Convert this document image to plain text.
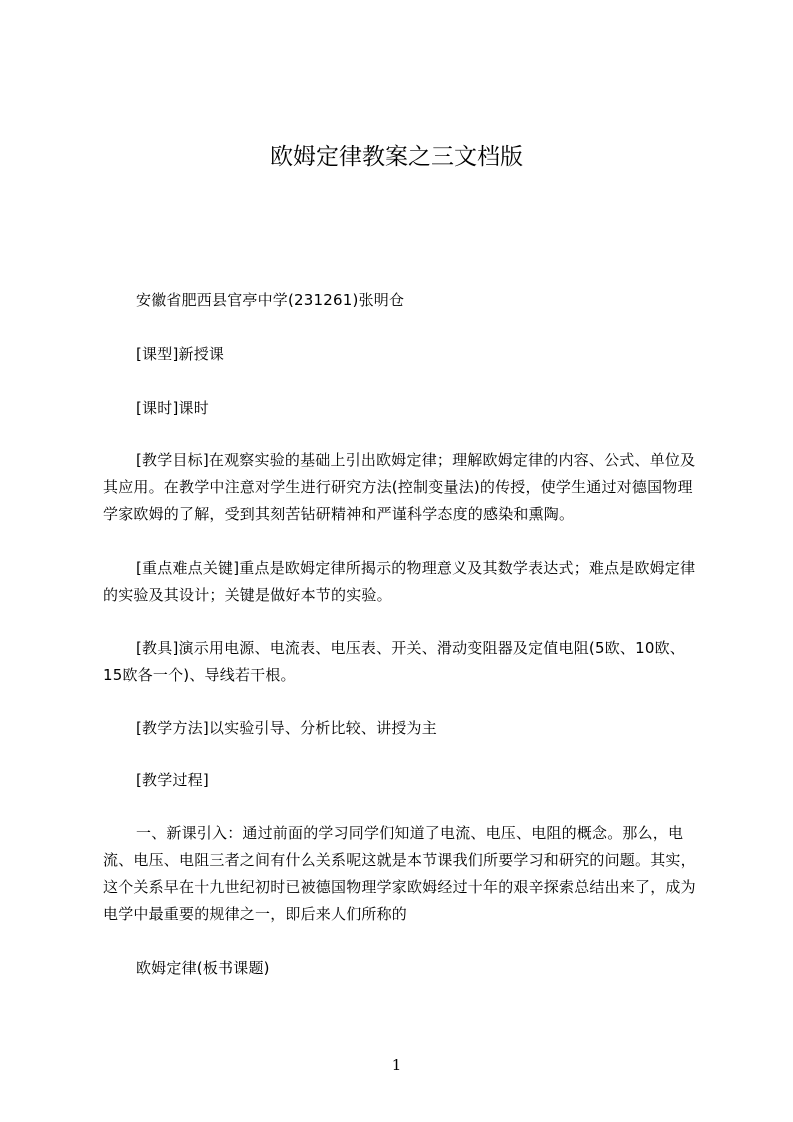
欧姆定律教案之三文档版

安徽省肥西县官亭中学(231261)张明仓

[课型]新授课

[课时]课时

[教学目标]在观察实验的基础上引出欧姆定律；理解欧姆定律的内容、公式、单位及其应用。在教学中注意对学生进行研究方法(控制变量法)的传授，使学生通过对德国物理学家欧姆的了解，受到其刻苦钻研精神和严谨科学态度的感染和熏陶。

[重点难点关键]重点是欧姆定律所揭示的物理意义及其数学表达式；难点是欧姆定律的实验及其设计；关键是做好本节的实验。

[教具]演示用电源、电流表、电压表、开关、滑动变阻器及定值电阻(5欧、10欧、15欧各一个)、导线若干根。

[教学方法]以实验引导、分析比较、讲授为主

[教学过程]

一、新课引入：通过前面的学习同学们知道了电流、电压、电阻的概念。那么，电流、电压、电阻三者之间有什么关系呢这就是本节课我们所要学习和研究的问题。其实，这个关系早在十九世纪初时已被德国物理学家欧姆经过十年的艰辛探索总结出来了，成为电学中最重要的规律之一，即后来人们所称的

欧姆定律(板书课题)

1
